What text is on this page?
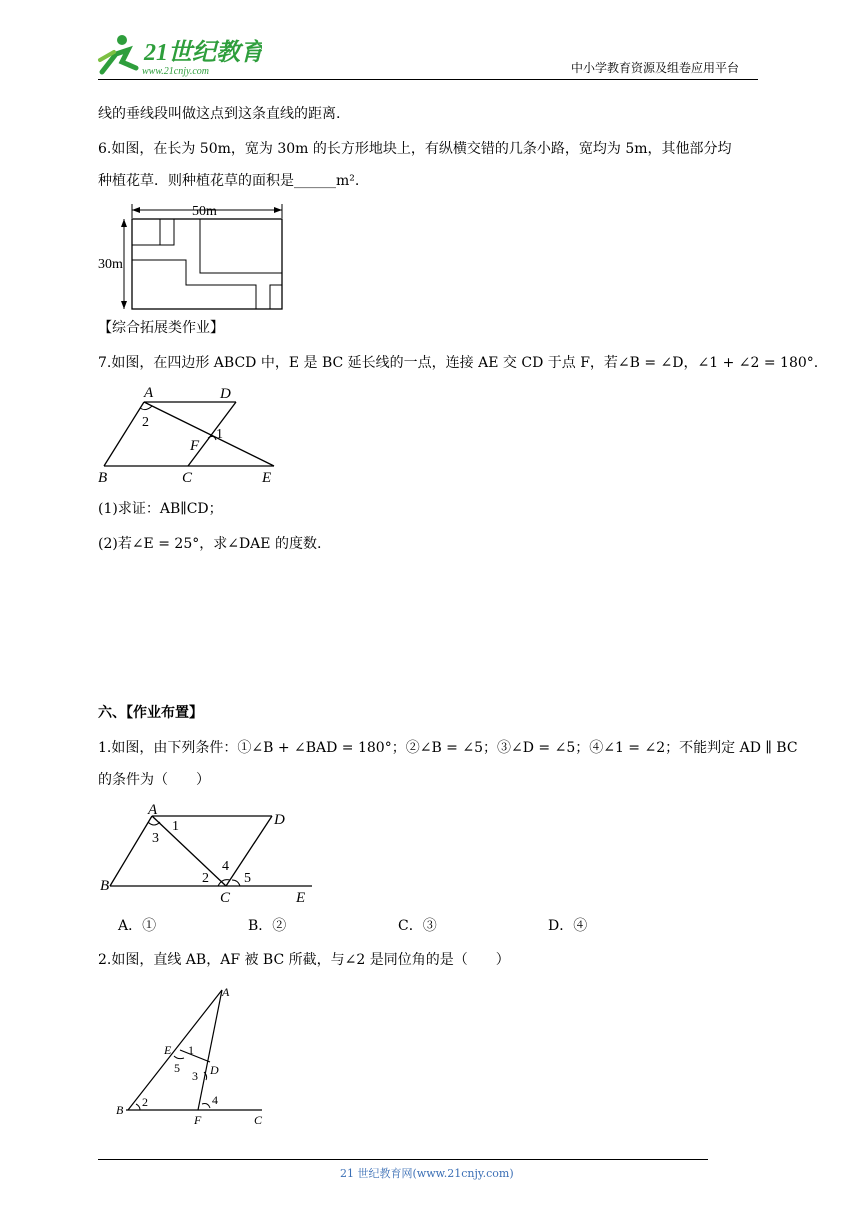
21世纪教育
www.21cnjy.com	中小学教育资源及组卷应用平台
线的垂线段叫做这点到这条直线的距离.
6.如图，在长为 50m，宽为 30m 的长方形地块上，有纵横交错的几条小路，宽均为 5m，其他部分均
种植花草．则种植花草的面积是______m².
50m
30m
【综合拓展类作业】
7.如图，在四边形 ABCD 中，E 是 BC 延长线的一点，连接 AE 交 CD 于点 F，若∠B = ∠D，∠1 + ∠2 = 180°.
A	D
2
1
F
B	C	E
(1)求证：AB∥CD；
(2)若∠E = 25°，求∠DAE 的度数.
六、【作业布置】
1.如图，由下列条件：①∠B + ∠BAD = 180°；②∠B = ∠5；③∠D = ∠5；④∠1 = ∠2；不能判定 AD ∥ BC
的条件为（　　）
A
D
1
3
4
2	5
B
C	E
A．①	B．②	C．③	D．④
2.如图，直线 AB，AF 被 BC 所截，与∠2 是同位角的是（　　）
A
E 1
5
3 D
2	4
B
F	C
21 世纪教育网(www.21cnjy.com)
